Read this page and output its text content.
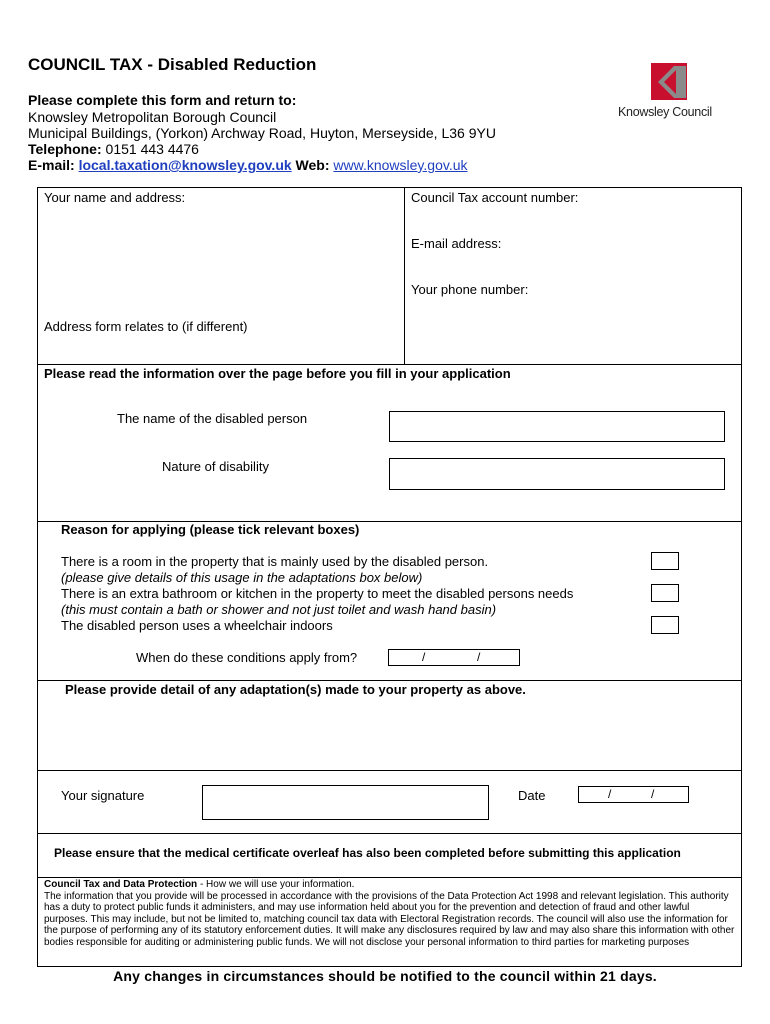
COUNCIL TAX - Disabled Reduction
Please complete this form and return to:
Knowsley Metropolitan Borough Council
Municipal Buildings, (Yorkon) Archway Road, Huyton, Merseyside, L36 9YU
Telephone: 0151 443 4476
E-mail: local.taxation@knowsley.gov.uk Web: www.knowsley.gov.uk
Knowsley Council
Your name and address:	Council Tax account number:
E-mail address:
Your phone number:
Address form relates to (if different)
Please read the information over the page before you fill in your application
The name of the disabled person
Nature of disability
Reason for applying (please tick relevant boxes)
There is a room in the property that is mainly used by the disabled person.
(please give details of this usage in the adaptations box below)
There is an extra bathroom or kitchen in the property to meet the disabled persons needs
(this must contain a bath or shower and not just toilet and wash hand basin)
The disabled person uses a wheelchair indoors
When do these conditions apply from?	/	/
Please provide detail of any adaptation(s) made to your property as above.
Your signature	Date	/	/
Please ensure that the medical certificate overleaf has also been completed before submitting this application
Council Tax and Data Protection - How we will use your information.
The information that you provide will be processed in accordance with the provisions of the Data Protection Act 1998 and relevant legislation. This authority has a duty to protect public funds it administers, and may use information held about you for the prevention and detection of fraud and other lawful purposes. This may include, but not be limited to, matching council tax data with Electoral Registration records. The council will also use the information for the purpose of performing any of its statutory enforcement duties. It will make any disclosures required by law and may also share this information with other bodies responsible for auditing or administering public funds. We will not disclose your personal information to third parties for marketing purposes
Any changes in circumstances should be notified to the council within 21 days.
